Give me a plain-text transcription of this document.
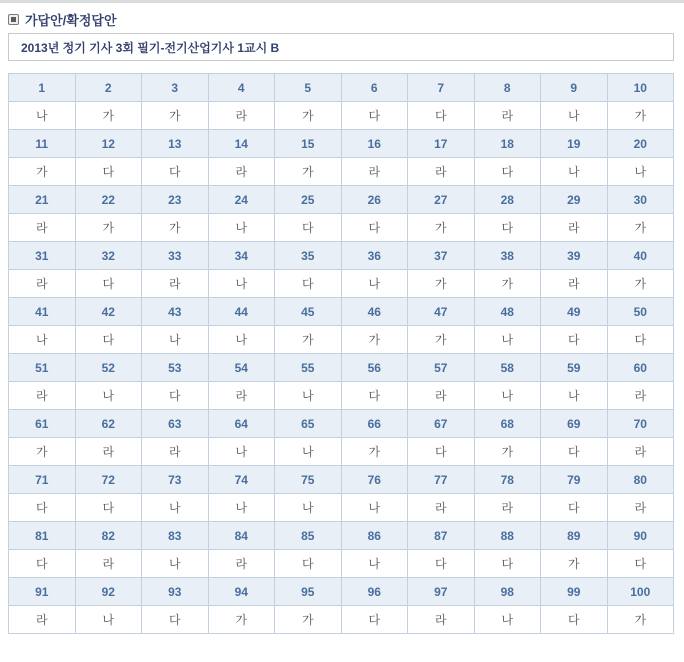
가답안/확정답안
2013년 정기 기사 3회 필기-전기산업기사 1교시 B
1	2	3	4	5	6	7	8	9	10
나	가	가	라	가	다	다	라	나	가
11	12	13	14	15	16	17	18	19	20
가	다	다	라	가	라	라	다	나	나
21	22	23	24	25	26	27	28	29	30
라	가	가	나	다	다	가	다	라	가
31	32	33	34	35	36	37	38	39	40
라	다	라	나	다	나	가	가	라	가
41	42	43	44	45	46	47	48	49	50
나	다	나	나	가	가	가	나	다	다
51	52	53	54	55	56	57	58	59	60
라	나	다	라	나	다	라	나	나	라
61	62	63	64	65	66	67	68	69	70
가	라	라	나	나	가	다	가	다	라
71	72	73	74	75	76	77	78	79	80
다	다	나	나	나	나	라	라	다	라
81	82	83	84	85	86	87	88	89	90
다	라	나	라	다	나	다	다	가	다
91	92	93	94	95	96	97	98	99	100
라	나	다	가	가	다	라	나	다	가
